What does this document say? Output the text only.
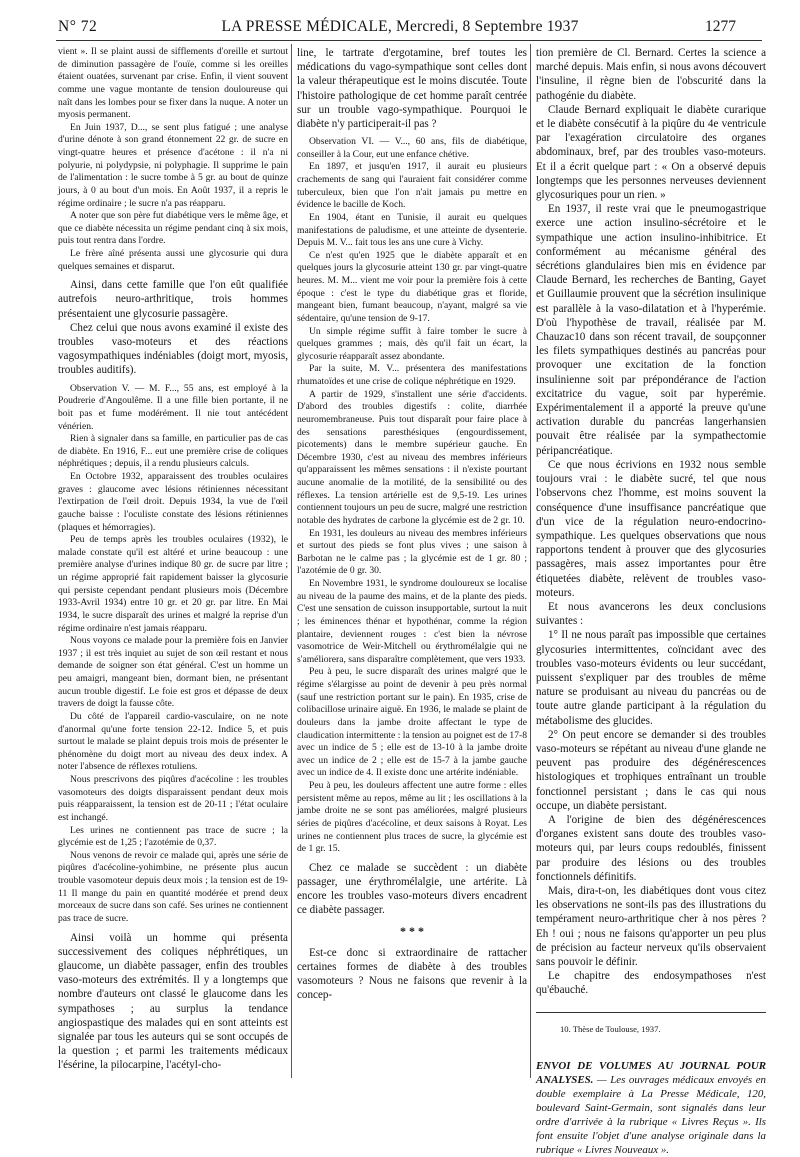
N° 72	LA PRESSE MÉDICALE, Mercredi, 8 Septembre 1937	1277

vient ». Il se plaint aussi de sifflements d'oreille et surtout de diminution passagère de l'ouïe, comme si les oreilles étaient ouatées, survenant par crise. Enfin, il vient souvent comme une vague montante de tension douloureuse qui naît dans les lombes pour se fixer dans la nuque. A noter un myosis permanent.

En Juin 1937, D..., se sent plus fatigué ; une analyse d'urine dénote à son grand étonnement 22 gr. de sucre en vingt-quatre heures et présence d'acétone : il n'a ni polyurie, ni polydypsie, ni polyphagie. Il supprime le pain de l'alimentation : le sucre tombe à 5 gr. au bout de quinze jours, à 0 au bout d'un mois. En Août 1937, il a repris le régime ordinaire ; le sucre n'a pas réapparu.

A noter que son père fut diabétique vers le même âge, et que ce diabète nécessita un régime pendant cinq à six mois, puis tout rentra dans l'ordre.

Le frère aîné présenta aussi une glycosurie qui dura quelques semaines et disparut.

Ainsi, dans cette famille que l'on eût qualifiée autrefois neuro-arthritique, trois hommes présentaient une glycosurie passagère.

Chez celui que nous avons examiné il existe des troubles vaso-moteurs et des réactions vagosympathiques indéniables (doigt mort, myosis, troubles auditifs).

Observation V. — M. F..., 55 ans, est employé à la Poudrerie d'Angoulême. Il a une fille bien portante, il ne boit pas et fume modérément. Il nie tout antécédent vénérien.

Rien à signaler dans sa famille, en particulier pas de cas de diabète. En 1916, F... eut une première crise de coliques néphrétiques ; depuis, il a rendu plusieurs calculs.

En Octobre 1932, apparaissent des troubles oculaires graves : glaucome avec lésions rétiniennes nécessitant l'extirpation de l'œil droit. Depuis 1934, la vue de l'œil gauche baisse : l'oculiste constate des lésions rétiniennes (plaques et hémorragies).

Peu de temps après les troubles oculaires (1932), le malade constate qu'il est altéré et urine beaucoup : une première analyse d'urines indique 80 gr. de sucre par litre ; un régime approprié fait rapidement baisser la glycosurie qui persiste cependant pendant plusieurs mois (Décembre 1933-Avril 1934) entre 10 gr. et 20 gr. par litre. En Mai 1934, le sucre disparaît des urines et malgré la reprise d'un régime ordinaire n'est jamais réapparu.

Nous voyons ce malade pour la première fois en Janvier 1937 ; il est très inquiet au sujet de son œil restant et nous demande de soigner son état général. C'est un homme un peu amaigri, mangeant bien, dormant bien, ne présentant aucun trouble digestif. Le foie est gros et dépasse de deux travers de doigt la fausse côte.

Du côté de l'appareil cardio-vasculaire, on ne note d'anormal qu'une forte tension 22-12. Indice 5, et puis surtout le malade se plaint depuis trois mois de présenter le phénomène du doigt mort au niveau des deux index. A noter l'absence de réflexes rotuliens.

Nous prescrivons des piqûres d'acécoline : les troubles vasomoteurs des doigts disparaissent pendant deux mois puis réapparaissent, la tension est de 20-11 ; l'état oculaire est inchangé.

Les urines ne contiennent pas trace de sucre ; la glycémie est de 1,25 ; l'azotémie de 0,37.

Nous venons de revoir ce malade qui, après une série de piqûres d'acécoline-yohimbine, ne présente plus aucun trouble vasomoteur depuis deux mois ; la tension est de 19-11 Il mange du pain en quantité modérée et prend deux morceaux de sucre dans son café. Ses urines ne contiennent pas trace de sucre.

Ainsi voilà un homme qui présenta successivement des coliques néphrétiques, un glaucome, un diabète passager, enfin des troubles vaso-moteurs des extrémités. Il y a longtemps que nombre d'auteurs ont classé le glaucome dans les sympathoses ; au surplus la tendance angiospastique des malades qui en sont atteints est signalée par tous les auteurs qui se sont occupés de la question ; et parmi les traitements médicaux l'ésérine, la pilocarpine, l'acétyl-cho-

line, le tartrate d'ergotamine, bref toutes les médications du vago-sympathique sont celles dont la valeur thérapeutique est le moins discutée. Toute l'histoire pathologique de cet homme paraît centrée sur un trouble vago-sympathique. Pourquoi le diabète n'y participerait-il pas ?

Observation VI. — V..., 60 ans, fils de diabétique, conseiller à la Cour, eut une enfance chétive.

En 1897, et jusqu'en 1917, il aurait eu plusieurs crachements de sang qui l'auraient fait considérer comme tuberculeux, bien que l'on n'ait jamais pu mettre en évidence le bacille de Koch.

En 1904, étant en Tunisie, il aurait eu quelques manifestations de paludisme, et une atteinte de dysenterie. Depuis M. V... fait tous les ans une cure à Vichy.

Ce n'est qu'en 1925 que le diabète apparaît et en quelques jours la glycosurie atteint 130 gr. par vingt-quatre heures. M. M... vient me voir pour la première fois à cette époque : c'est le type du diabétique gras et floride, mangeant bien, fumant beaucoup, n'ayant, malgré sa vie sédentaire, qu'une tension de 9-17.

Un simple régime suffit à faire tomber le sucre à quelques grammes ; mais, dès qu'il fait un écart, la glycosurie réapparaît assez abondante.

Par la suite, M. V... présentera des manifestations rhumatoïdes et une crise de colique néphrétique en 1929.

A partir de 1929, s'installent une série d'accidents. D'abord des troubles digestifs : colite, diarrhée neuromembraneuse. Puis tout disparaît pour faire place à des sensations paresthésiques (engourdissement, picotements) dans le membre supérieur gauche. En Décembre 1930, c'est au niveau des membres inférieurs qu'apparaissent les mêmes sensations : il n'existe pourtant aucune anomalie de la motilité, de la sensibilité ou des réflexes. La tension artérielle est de 9,5-19. Les urines contiennent toujours un peu de sucre, malgré une restriction notable des hydrates de carbone la glycémie est de 2 gr. 10.

En 1931, les douleurs au niveau des membres inférieurs et surtout des pieds se font plus vives ; une saison à Barbotan ne le calme pas ; la glycémie est de 1 gr. 80 ; l'azotémie de 0 gr. 30.

En Novembre 1931, le syndrome douloureux se localise au niveau de la paume des mains, et de la plante des pieds. C'est une sensation de cuisson insupportable, surtout la nuit ; les éminences thénar et hypothénar, comme la région plantaire, deviennent rouges : c'est bien la névrose vasomotrice de Weir-Mitchell ou érythromélalgie qui ne s'améliorera, sans disparaître complètement, que vers 1933.

Peu à peu, le sucre disparaît des urines malgré que le régime s'élargisse au point de devenir à peu près normal (sauf une restriction portant sur le pain). En 1935, crise de colibacillose urinaire aiguë. En 1936, le malade se plaint de douleurs dans la jambe droite affectant le type de claudication intermittente : la tension au poignet est de 17-8 avec un indice de 5 ; elle est de 13-10 à la jambe droite avec un indice de 2 ; elle est de 15-7 à la jambe gauche avec un indice de 4. Il existe donc une artérite indéniable.

Peu à peu, les douleurs affectent une autre forme : elles persistent même au repos, même au lit ; les oscillations à la jambe droite ne se sont pas améliorées, malgré plusieurs séries de piqûres d'acécoline, et deux saisons à Royat. Les urines ne contiennent plus traces de sucre, la glycémie est de 1 gr. 15.

Chez ce malade se succèdent : un diabète passager, une érythromélalgie, une artérite. Là encore les troubles vaso-moteurs divers encadrent ce diabète passager.

* * *

Est-ce donc si extraordinaire de rattacher certaines formes de diabète à des troubles vasomoteurs ? Nous ne faisons que revenir à la concep-

tion première de Cl. Bernard. Certes la science a marché depuis. Mais enfin, si nous avons découvert l'insuline, il règne bien de l'obscurité dans la pathogénie du diabète.

Claude Bernard expliquait le diabète curarique et le diabète consécutif à la piqûre du 4e ventricule par l'exagération circulatoire des organes abdominaux, bref, par des troubles vaso-moteurs. Et il a écrit quelque part : « On a observé depuis longtemps que les personnes nerveuses deviennent glycosuriques pour un rien. »

En 1937, il reste vrai que le pneumogastrique exerce une action insulino-sécrétoire et le sympathique une action insulino-inhibitrice. Et conformément au mécanisme général des sécrétions glandulaires bien mis en évidence par Claude Bernard, les recherches de Banting, Gayet et Guillaumie prouvent que la sécrétion insulinique est parallèle à la vaso-dilatation et à l'hyperémie. D'où l'hypothèse de travail, réalisée par M. Chauzac10 dans son récent travail, de soupçonner les filets sympathiques destinés au pancréas pour provoquer une excitation de la fonction insulinienne soit par prépondérance de l'action excitatrice du vague, soit par hyperémie. Expérimentalement il a apporté la preuve qu'une activation durable du pancréas langerhansien pouvait être réalisée par la sympathectomie péripancréatique.

Ce que nous écrivions en 1932 nous semble toujours vrai : le diabète sucré, tel que nous l'observons chez l'homme, est moins souvent la conséquence d'une insuffisance pancréatique que d'un vice de la régulation neuro-endocrino-sympathique. Les quelques observations que nous rapportons tendent à prouver que des glycosuries passagères, mais assez importantes pour être étiquetées diabète, relèvent de troubles vaso-moteurs.

Et nous avancerons les deux conclusions suivantes :

1° Il ne nous paraît pas impossible que certaines glycosuries intermittentes, coïncidant avec des troubles vaso-moteurs évidents ou leur succédant, puissent s'expliquer par des troubles de même nature se produisant au niveau du pancréas ou de toute autre glande participant à la régulation du métabolisme des glucides.

2° On peut encore se demander si des troubles vaso-moteurs se répétant au niveau d'une glande ne peuvent pas produire des dégénérescences histologiques et trophiques entraînant un trouble fonctionnel persistant ; dans le cas qui nous occupe, un diabète persistant.

A l'origine de bien des dégénérescences d'organes existent sans doute des troubles vaso-moteurs qui, par leurs coups redoublés, finissent par produire des lésions ou des troubles fonctionnels définitifs.

Mais, dira-t-on, les diabétiques dont vous citez les observations ne sont-ils pas des illustrations du tempérament neuro-arthritique cher à nos pères ? Eh ! oui ; nous ne faisons qu'apporter un peu plus de précision au facteur nerveux qu'ils observaient sans pouvoir le définir.

Le chapitre des endosympathoses n'est qu'ébauché.

10. Thèse de Toulouse, 1937.

ENVOI DE VOLUMES AU JOURNAL POUR ANALYSES. — Les ouvrages médicaux envoyés en double exemplaire à La Presse Médicale, 120, boulevard Saint-Germain, sont signalés dans leur ordre d'arrivée à la rubrique « Livres Reçus ». Ils font ensuite l'objet d'une analyse originale dans la rubrique « Livres Nouveaux ».
